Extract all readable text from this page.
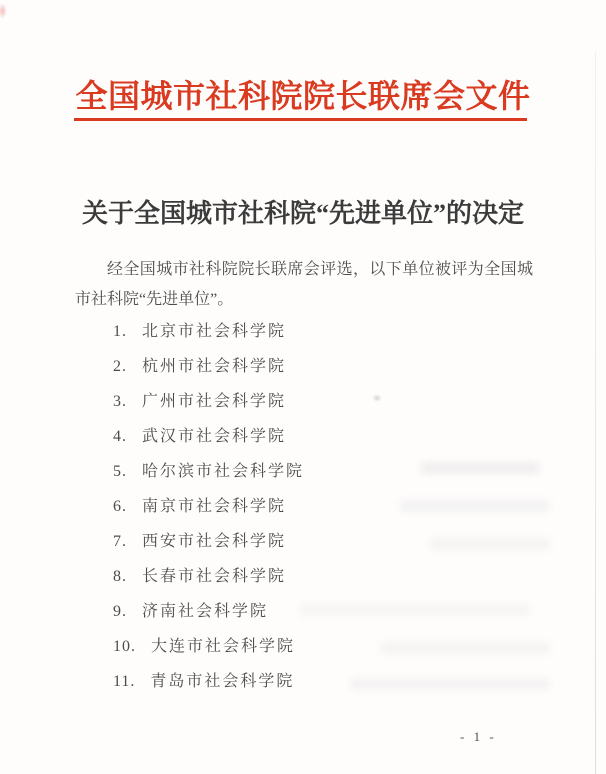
全国城市社科院院长联席会文件
关于全国城市社科院“先进单位”的决定

经全国城市社科院院长联席会评选，以下单位被评为全国城市社科院“先进单位”。

1. 北京市社会科学院
2. 杭州市社会科学院
3. 广州市社会科学院
4. 武汉市社会科学院
5. 哈尔滨市社会科学院
6. 南京市社会科学院
7. 西安市社会科学院
8. 长春市社会科学院
9. 济南社会科学院
10. 大连市社会科学院
11. 青岛市社会科学院
- 1 -
